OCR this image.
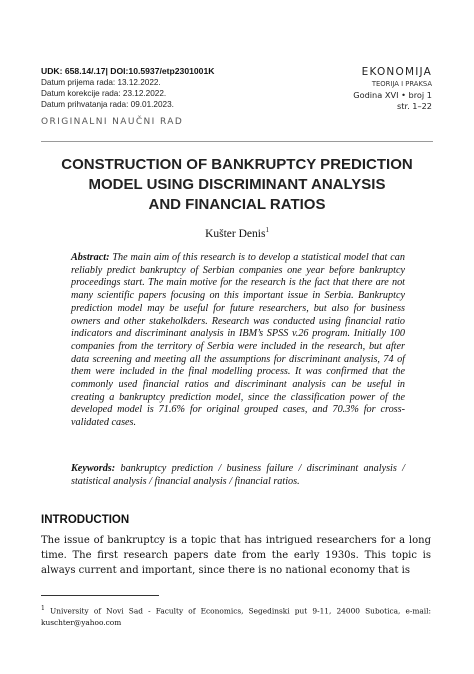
UDK: 658.14/.17| DOI:10.5937/etp2301001K
Datum prijema rada: 13.12.2022.
Datum korekcije rada: 23.12.2022.
Datum prihvatanja rada: 09.01.2023.
EKONOMIJA
TEORIJA I PRAKSA
Godina XVI • broj 1
str. 1–22
ORIGINALNI NAUČNI RAD
CONSTRUCTION OF BANKRUPTCY PREDICTION
MODEL USING DISCRIMINANT ANALYSIS
AND FINANCIAL RATIOS
Kušter Denis$^1$

Abstract: The main aim of this research is to develop a statistical model that can reliably predict bankruptcy of Serbian companies one year before bankruptcy proceedings start. The main motive for the research is the fact that there are not many scientific papers focusing on this important issue in Serbia. Bankruptcy prediction model may be useful for future researchers, but also for business owners and other stakeholkders. Research was conducted using financial ratio indicators and discriminant analysis in IBM’s SPSS v.26 program. Initially 100 companies from the territory of Serbia were included in the research, but after data screening and meeting all the assumptions for discriminant analysis, 74 of them were included in the final modelling process. It was confirmed that the commonly used financial ratios and discriminant analysis can be useful in creating a bankruptcy prediction model, since the classification power of the developed model is 71.6% for original grouped cases, and 70.3% for cross-validated cases.

Keywords: bankruptcy prediction / business failure / discriminant analysis / statistical analysis / financial analysis / financial ratios.

INTRODUCTION

The issue of bankruptcy is a topic that has intrigued researchers for a long time. The first research papers date from the early 1930s. This topic is always current and important, since there is no national economy that is

$^1$ University of Novi Sad - Faculty of Economics, Segedinski put 9-11, 24000 Subotica, e-mail: kuschter@yahoo.com
